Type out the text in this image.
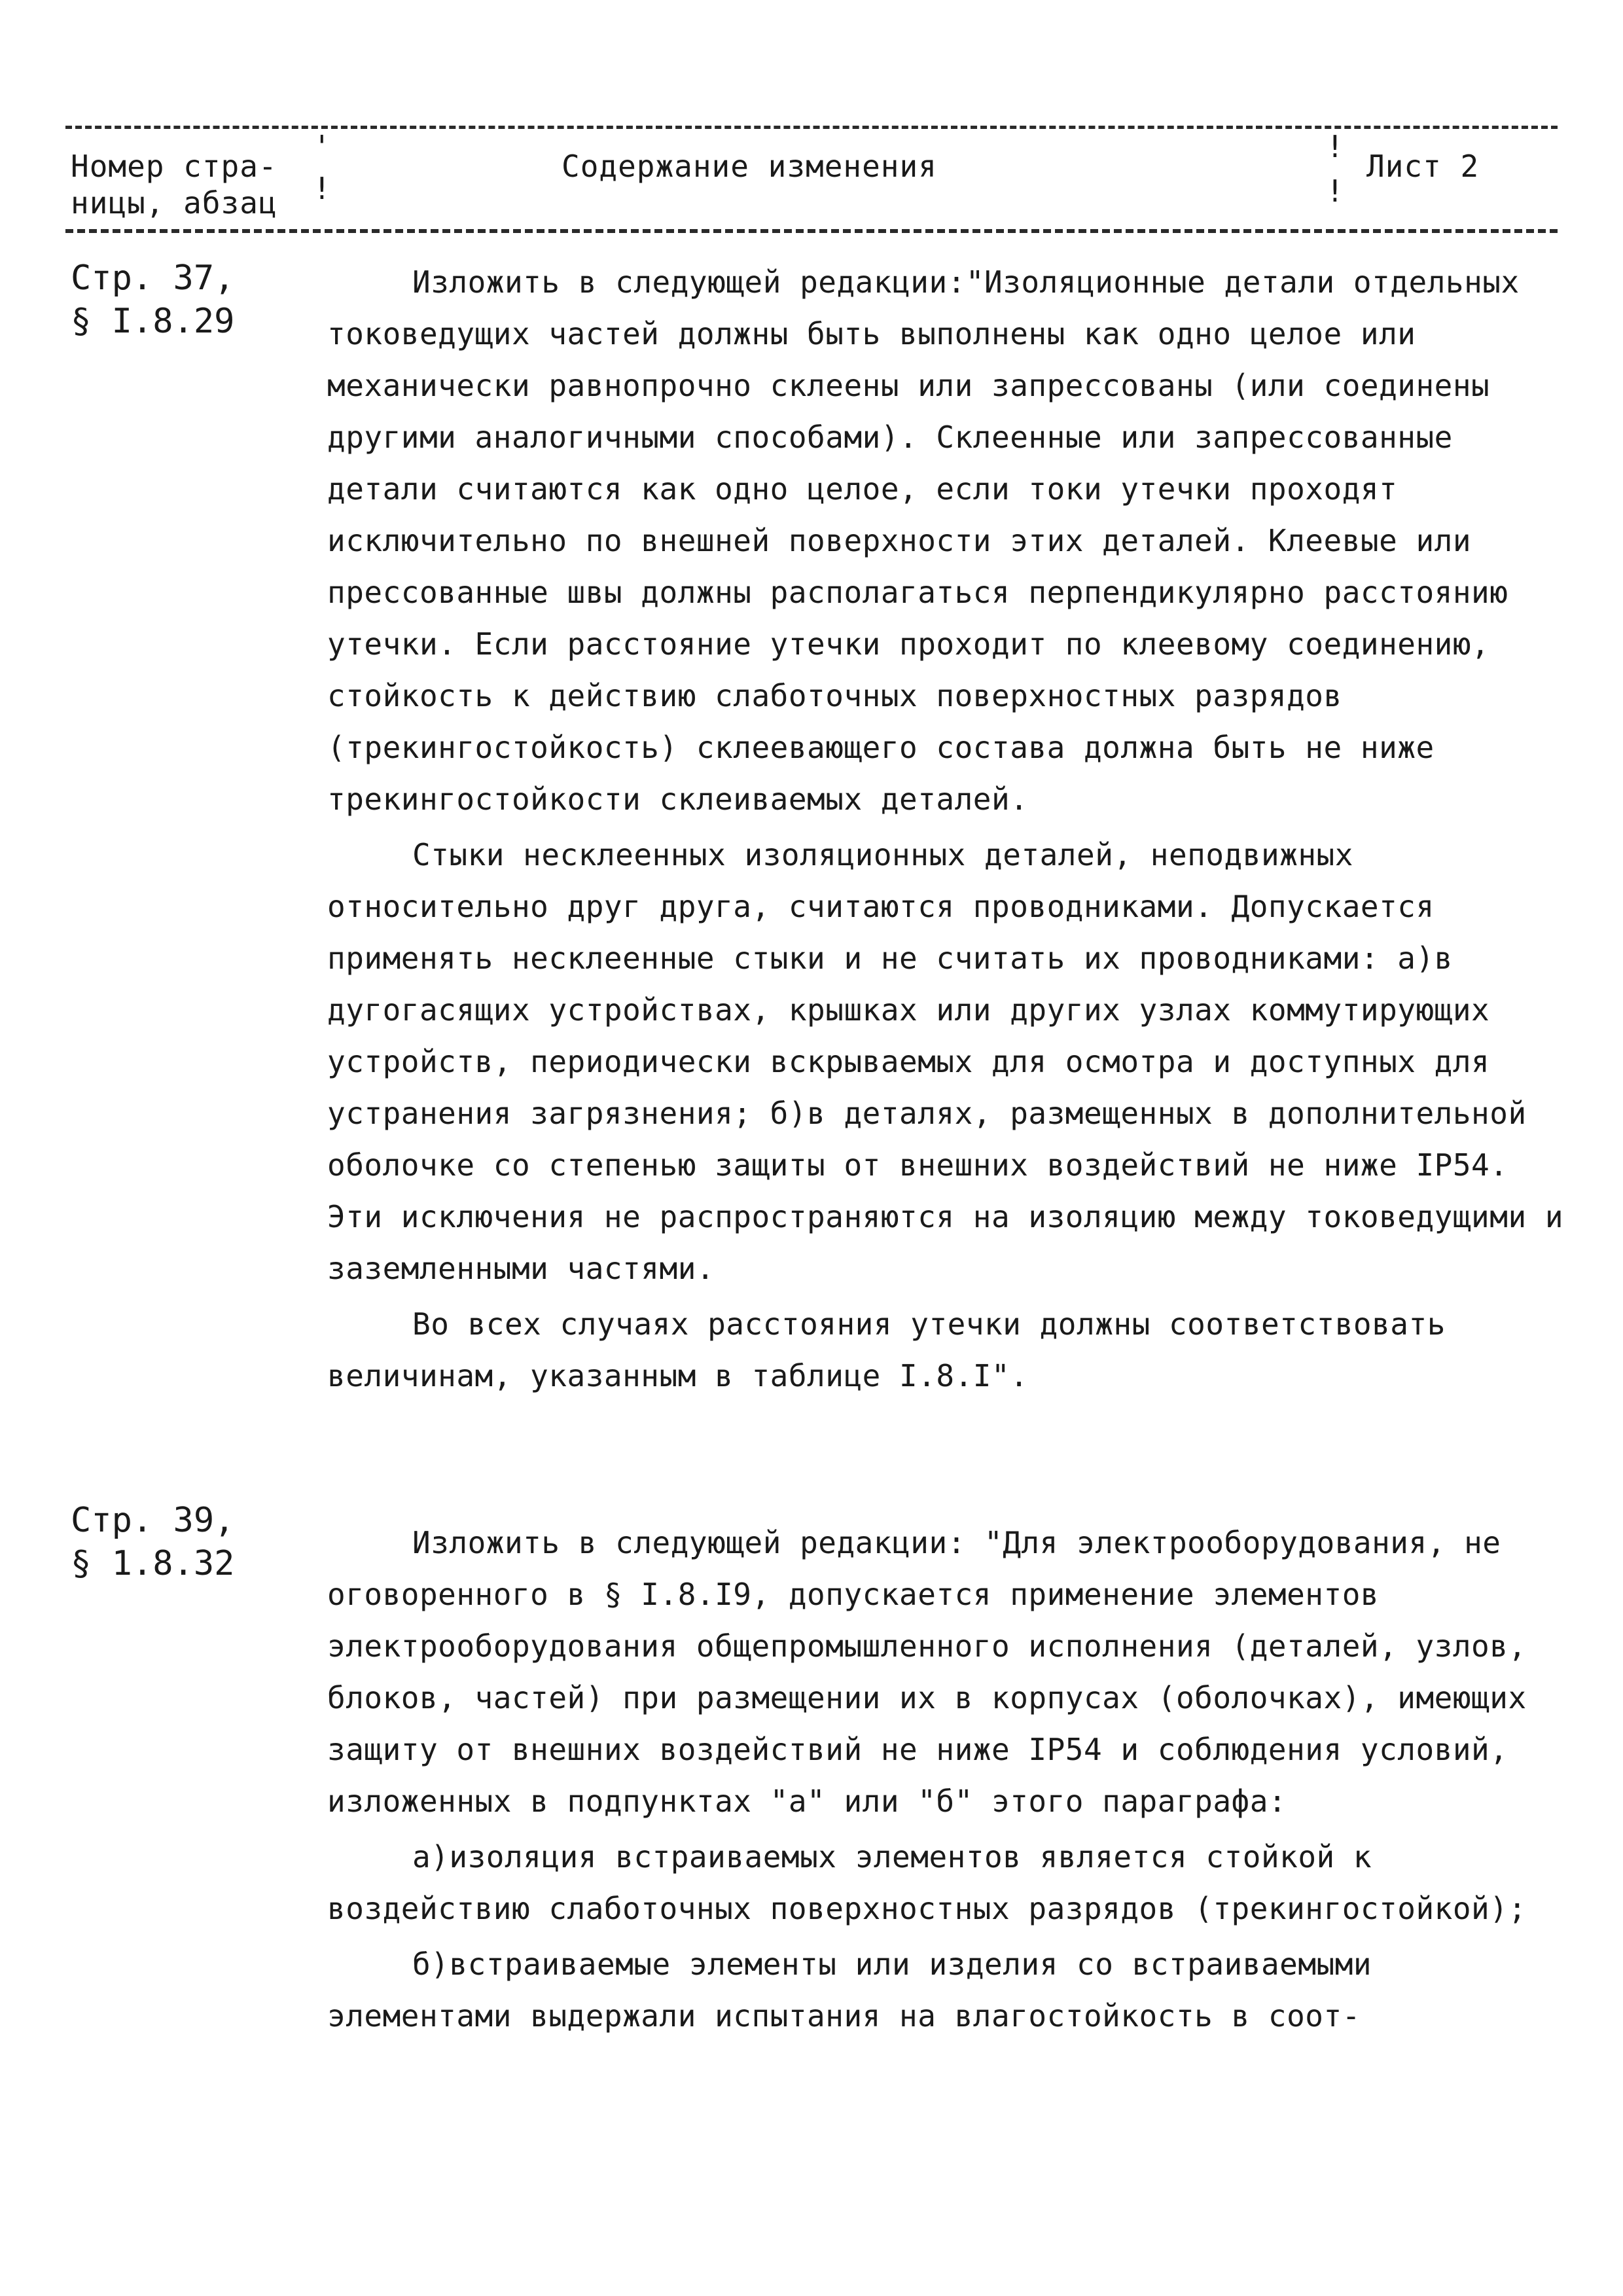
Номер стра-
ницы, абзац
'
!
Содержание изменения
!
!
Лист 2
Стр. 37,
§ I.8.29

Изложить в следующей редакции:"Изоляционные детали отдельных токоведущих частей должны быть выполнены как одно целое или механически равнопрочно склеены или запрессованы (или соединены другими аналогичными способами). Склеенные или запрессованные детали считаются как одно целое, если токи утечки проходят исключительно по внешней поверхности этих деталей. Клеевые или прессованные швы должны располагаться перпендикулярно расстоянию утечки. Если расстояние утечки проходит по клеевому соединению, стойкость к действию слаботочных поверхностных разрядов (трекингостойкость) склеевающего состава должна быть не ниже трекингостойкости склеиваемых деталей.

Стыки несклеенных изоляционных деталей, неподвижных относительно друг друга, считаются проводниками. Допускается применять несклеенные стыки и не считать их проводниками: а)в дугогасящих устройствах, крышках или других узлах коммутирующих устройств, периодически вскрываемых для осмотра и доступных для устранения загрязнения; б)в деталях, размещенных в дополнительной оболочке со степенью защиты от внешних воздействий не ниже IP54. Эти исключения не распространяются на изоляцию между токоведущими и заземленными частями.

Во всех случаях расстояния утечки должны соответствовать величинам, указанным в таблице I.8.I".

Стр. 39,
§ 1.8.32

Изложить в следующей редакции: "Для электрооборудования, не оговоренного в § I.8.I9, допускается применение элементов электрооборудования общепромышленного исполнения (деталей, узлов, блоков, частей) при размещении их в корпусах (оболочках), имеющих защиту от внешних воздействий не ниже IP54 и соблюдения условий, изложенных в подпунктах "а" или "б" этого параграфа:

а)изоляция встраиваемых элементов является стойкой к воздействию слаботочных поверхностных разрядов (трекингостойкой);

б)встраиваемые элементы или изделия со встраиваемыми элементами выдержали испытания на влагостойкость в соот-
